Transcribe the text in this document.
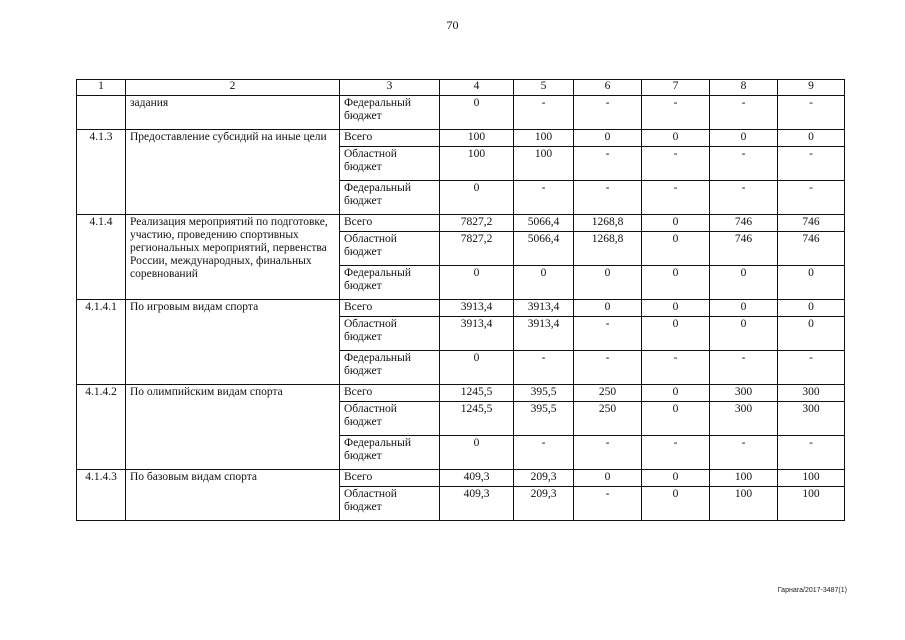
70
1	2	3	4	5	6	7	8	9
	задания	Федеральный бюджет	0	-	-	-	-	-
4.1.3	Предоставление субсидий на иные цели	Всего	100	100	0	0	0	0
		Областной бюджет	100	100	-	-	-	-
		Федеральный бюджет	0	-	-	-	-	-
4.1.4	Реализация мероприятий по подготовке, участию, проведению спортивных региональных мероприятий, первенства России, международных, финальных соревнований	Всего	7827,2	5066,4	1268,8	0	746	746
		Областной бюджет	7827,2	5066,4	1268,8	0	746	746
		Федеральный бюджет	0	0	0	0	0	0
4.1.4.1	По игровым видам спорта	Всего	3913,4	3913,4	0	0	0	0
		Областной бюджет	3913,4	3913,4	-	0	0	0
		Федеральный бюджет	0	-	-	-	-	-
4.1.4.2	По олимпийским видам спорта	Всего	1245,5	395,5	250	0	300	300
		Областной бюджет	1245,5	395,5	250	0	300	300
		Федеральный бюджет	0	-	-	-	-	-
4.1.4.3	По базовым видам спорта	Всего	409,3	209,3	0	0	100	100
		Областной бюджет	409,3	209,3	-	0	100	100
Гарнага/2017-3487(1)
